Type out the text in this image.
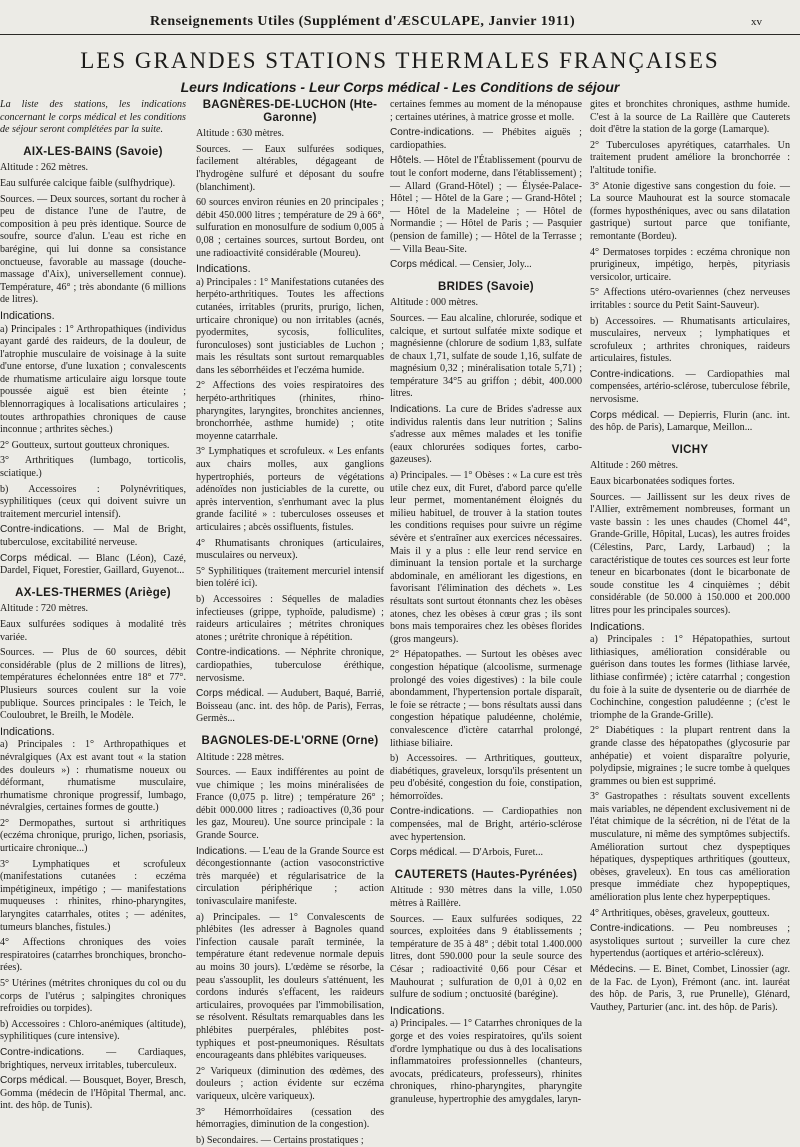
Renseignements Utiles (Supplément d'ÆSCULAPE, Janvier 1911)	xv
LES GRANDES STATIONS THERMALES FRANÇAISES
Leurs Indications - Leur Corps médical - Les Conditions de séjour

La liste des stations, les indications concernant le corps médical et les conditions de séjour seront complétées par la suite.

AIX-LES-BAINS (Savoie)

Altitude : 262 mètres.

Eau sulfurée calcique faible (sulfhydrique).

Sources. — Deux sources, sortant du rocher à peu de distance l'une de l'autre, de composition à peu près identique. Source de soufre, source d'alun. L'eau est riche en barégine, qui lui donne sa consistance onctueuse, favorable au massage (douche-massage d'Aix), universellement connue). Température, 46° ; très abondante (6 millions de litres).

Indications.

a) Principales : 1° Arthropathiques (individus ayant gardé des raideurs, de la douleur, de l'atrophie musculaire de voisinage à la suite d'une entorse, d'une luxation ; convalescents de rhumatisme articulaire aigu lorsque toute poussée aiguë est bien éteinte ; blennorragiques à localisations articulaires ; toutes arthropathies chroniques de cause inconnue ; arthrites sèches.)

2° Goutteux, surtout goutteux chroniques.

3° Arthritiques (lumbago, torticolis, sciatique.)

b) Accessoires : Polynévritiques, syphilitiques (ceux qui doivent suivre un traitement mercuriel intensif).

Contre-indications. — Mal de Bright, tuberculose, excitabilité nerveuse.

Corps médical. — Blanc (Léon), Cazé, Dardel, Fiquet, Forestier, Gaillard, Guyenot...

AX-LES-THERMES (Ariège)

Altitude : 720 mètres.

Eaux sulfurées sodiques à modalité très variée.

Sources. — Plus de 60 sources, débit considérable (plus de 2 millions de litres), températures échelonnées entre 18° et 77°. Plusieurs sources coulent sur la voie publique. Sources principales : le Teich, le Couloubret, le Breilh, le Modèle.

Indications.

a) Principales : 1° Arthropathiques et névralgiques (Ax est avant tout « la station des douleurs ») : rhumatisme noueux ou déformant, rhumatisme musculaire, rhumatisme chronique progressif, lumbago, névralgies, certaines formes de goutte.)

2° Dermopathes, surtout si arthritiques (eczéma chronique, prurigo, lichen, psoriasis, urticaire chronique...)

3° Lymphatiques et scrofuleux (manifestations cutanées : eczéma impétigineux, impétigo ; — manifestations muqueuses : rhinites, rhino-pharyngites, laryngites catarrhales, otites ; — adénites, tumeurs blanches, fistules.)

4° Affections chroniques des voies respiratoires (catarrhes bronchiques, broncho-rées).

5° Utérines (métrites chroniques du col ou du corps de l'utérus ; salpingites chroniques refroidies ou torpides).

b) Accessoires : Chloro-anémiques (altitude), syphilitiques (cure intensive).

Contre-indications. — Cardiaques, brightiques, nerveux irritables, tuberculeux.

Corps médical. — Bousquet, Boyer, Bresch, Gomma (médecin de l'Hôpital Thermal, anc. int. des hôp. de Tunis).

BAGNÈRES-DE-LUCHON (Hte-Garonne)

Altitude : 630 mètres.

Sources. — Eaux sulfurées sodiques, facilement altérables, dégageant de l'hydrogène sulfuré et déposant du soufre (blanchiment).

60 sources environ réunies en 20 principales ; débit 450.000 litres ; température de 29 à 66°, sulfuration en monosulfure de sodium 0,005 à 0,08 ; certaines sources, surtout Bordeu, ont une radioactivité considérable (Moureu).

Indications.

a) Principales : 1° Manifestations cutanées des herpéto-arthritiques. Toutes les affections cutanées, irritables (prurits, prurigo, lichen, urticaire chronique) ou non irritables (acnés, pyodermites, sycosis, folliculites, furonculoses) sont justiciables de Luchon ; mais les résultats sont surtout remarquables dans les séborrhéides et l'eczéma humide.

2° Affections des voies respiratoires des herpéto-arthritiques (rhinites, rhino-pharyngites, laryngites, bronchites anciennes, bronchorrhée, asthme humide) ; otite moyenne catarrhale.

3° Lymphatiques et scrofuleux. « Les enfants aux chairs molles, aux ganglions hypertrophiés, porteurs de végétations adénoïdes non justiciables de la curette, ou après intervention, s'enrhumant avec la plus grande facilité » : tuberculoses osseuses et articulaires ; abcès ossifluents, fistules.

4° Rhumatisants chroniques (articulaires, musculaires ou nerveux).

5° Syphilitiques (traitement mercuriel intensif bien toléré ici).

b) Accessoires : Séquelles de maladies infectieuses (grippe, typhoïde, paludisme) ; raideurs articulaires ; métrites chroniques atones ; urétrite chronique à répétition.

Contre-indications. — Néphrite chronique, cardiopathies, tuberculose éréthique, nervosisme.

Corps médical. — Audubert, Baqué, Barrié, Boisseau (anc. int. des hôp. de Paris), Ferras, Germès...

BAGNOLES-DE-L'ORNE (Orne)

Altitude : 228 mètres.

Sources. — Eaux indifférentes au point de vue chimique ; les moins minéralisées de France (0,075 p. litre) ; température 26° ; débit 000.000 litres ; radioactives (0,36 pour les gaz, Moureu). Une source principale : la Grande Source.

Indications. — L'eau de la Grande Source est décongestionnante (action vasoconstrictive très marquée) et régularisatrice de la circulation périphérique ; action tonivasculaire manifeste.

a) Principales. — 1° Convalescents de phlébites (les adresser à Bagnoles quand l'infection causale paraît terminée, la température étant redevenue normale depuis au moins 30 jours). L'œdème se résorbe, la peau s'assouplit, les douleurs s'atténuent, les cordons indurés s'effacent, les raideurs articulaires, provoquées par l'immobilisation, se résolvent. Résultats remarquables dans les phlébites puerpérales, phlébites post-typhiques et post-pneumoniques. Résultats encourageants dans phlébites variqueuses.

2° Variqueux (diminution des œdèmes, des douleurs ; action évidente sur eczéma variqueux, ulcère variqueux).

3° Hémorrhoïdaires (cessation des hémorragies, diminution de la congestion).

b) Secondaires. — Certains prostatiques ;

certaines femmes au moment de la ménopause ; certaines utérines, à matrice grosse et molle.

Contre-indications. — Phébites aiguës ; cardiopathies.

Hôtels. — Hôtel de l'Établissement (pourvu de tout le confort moderne, dans l'établissement) ; — Allard (Grand-Hôtel) ; — Élysée-Palace-Hôtel ; — Hôtel de la Gare ; — Grand-Hôtel ; — Hôtel de la Madeleine ; — Hôtel de Normandie ; — Hôtel de Paris ; — Pasquier (pension de famille) ; — Hôtel de la Terrasse ; — Villa Beau-Site.

Corps médical. — Censier, Joly...

BRIDES (Savoie)

Altitude : 000 mètres.

Sources. — Eau alcaline, chlorurée, sodique et calcique, et surtout sulfatée mixte sodique et magnésienne (chlorure de sodium 1,83, sulfate de chaux 1,71, sulfate de soude 1,16, sulfate de magnésium 0,32 ; minéralisation totale 5,71) ; température 34°5 au griffon ; débit, 400.000 litres.

Indications. La cure de Brides s'adresse aux individus ralentis dans leur nutrition ; Salins s'adresse aux mêmes malades et les tonifie (eaux chlorurées sodiques fortes, carbo-gazeuses).

a) Principales. — 1° Obèses : « La cure est très utile chez eux, dit Furet, d'abord parce qu'elle leur permet, momentanément éloignés du milieu habituel, de trouver à la station toutes les conditions requises pour suivre un régime sévère et s'entraîner aux exercices nécessaires. Mais il y a plus : elle leur rend service en diminuant la tension portale et la surcharge abdominale, en améliorant les digestions, en favorisant l'élimination des déchets ». Les résultats sont surtout étonnants chez les obèses atones, chez les obèses à cœur gras ; ils sont bons mais temporaires chez les obèses florides (gros mangeurs).

2° Hépatopathes. — Surtout les obèses avec congestion hépatique (alcoolisme, surmenage prolongé des voies digestives) : la bile coule abondamment, l'hypertension portale disparaît, le foie se rétracte ; — bons résultats aussi dans congestion hépatique paludéenne, cholémie, convalescence d'ictère catarrhal prolongé, lithiase biliaire.

b) Accessoires. — Arthritiques, goutteux, diabétiques, graveleux, lorsqu'ils présentent un peu d'obésité, congestion du foie, constipation, hémorroïdes.

Contre-indications. — Cardiopathies non compensées, mal de Bright, artério-sclérose avec hypertension.

Corps médical. — D'Arbois, Furet...

CAUTERETS (Hautes-Pyrénées)

Altitude : 930 mètres dans la ville, 1.050 mètres à Raillère.

Sources. — Eaux sulfurées sodiques, 22 sources, exploitées dans 9 établissements ; température de 35 à 48° ; débit total 1.400.000 litres, dont 590.000 pour la seule source des César ; radioactivité 0,66 pour César et Mauhourat ; sulfuration de 0,01 à 0,02 en sulfure de sodium ; onctuosité (barégine).

Indications.

a) Principales. — 1° Catarrhes chroniques de la gorge et des voies respiratoires, qu'ils soient d'ordre lymphatique ou dus à des localisations inflammatoires professionnelles (chanteurs, avocats, prédicateurs, professeurs), rhinites chroniques, rhino-pharyngites, pharyngite granuleuse, hypertrophie des amygdales, laryn-

gites et bronchites chroniques, asthme humide. C'est à la source de La Raillère que Cauterets doit d'être la station de la gorge (Lamarque).

2° Tuberculoses apyrétiques, catarrhales. Un traitement prudent améliore la bronchorrée : l'altitude tonifie.

3° Atonie digestive sans congestion du foie. — La source Mauhourat est la source stomacale (formes hyposthéniques, avec ou sans dilatation gastrique) surtout parce que tonifiante, remontante (Bordeu).

4° Dermatoses torpides : eczéma chronique non prurigineux, impétigo, herpès, pityriasis versicolor, urticaire.

5° Affections utéro-ovariennes (chez nerveuses irritables : source du Petit Saint-Sauveur).

b) Accessoires. — Rhumatisants articulaires, musculaires, nerveux ; lymphatiques et scrofuleux ; arthrites chroniques, raideurs articulaires, fistules.

Contre-indications. — Cardiopathies mal compensées, artério-sclérose, tuberculose fébrile, nervosisme.

Corps médical. — Depierris, Flurin (anc. int. des hôp. de Paris), Lamarque, Meillon...

VICHY

Altitude : 260 mètres.

Eaux bicarbonatées sodiques fortes.

Sources. — Jaillissent sur les deux rives de l'Allier, extrêmement nombreuses, formant un vaste bassin : les unes chaudes (Chomel 44°, Grande-Grille, Hôpital, Lucas), les autres froides (Célestins, Parc, Lardy, Larbaud) ; la caractéristique de toutes ces sources est leur forte teneur en bicarbonates (dont le bicarbonate de soude constitue les 4 cinquièmes ; débit considérable (de 50.000 à 150.000 et 200.000 litres pour les principales sources).

Indications.

a) Principales : 1° Hépatopathies, surtout lithiasiques, amélioration considérable ou guérison dans toutes les formes (lithiase larvée, lithiase confirmée) ; ictère catarrhal ; congestion du foie à la suite de dysenterie ou de diarrhée de Cochinchine, congestion paludéenne ; (c'est le triomphe de la Grande-Grille).

2° Diabétiques : la plupart rentrent dans la grande classe des hépatopathes (glycosurie par anhépatie) et voient disparaître polyurie, polydipsie, migraines ; le sucre tombe à quelques grammes ou bien est supprimé.

3° Gastropathes : résultats souvent excellents mais variables, ne dépendent exclusivement ni de l'état chimique de la sécrétion, ni de l'état de la musculature, ni même des symptômes subjectifs. Amélioration surtout chez dyspeptiques hépatiques, dyspeptiques arthritiques (goutteux, obèses, graveleux). En tous cas amélioration presque immédiate chez hypopeptiques, amélioration plus lente chez hyperpeptiques.

4° Arthritiques, obèses, graveleux, goutteux.

Contre-indications. — Peu nombreuses ; asystoliques surtout ; surveiller la cure chez hypertendus (aortiques et artério-scléreux).

Médecins. — E. Binet, Combet, Linossier (agr. de la Fac. de Lyon), Frémont (anc. int. lauréat des hôp. de Paris, 3, rue Prunelle), Glénard, Vauthey, Parturier (anc. int. des hôp. de Paris).
